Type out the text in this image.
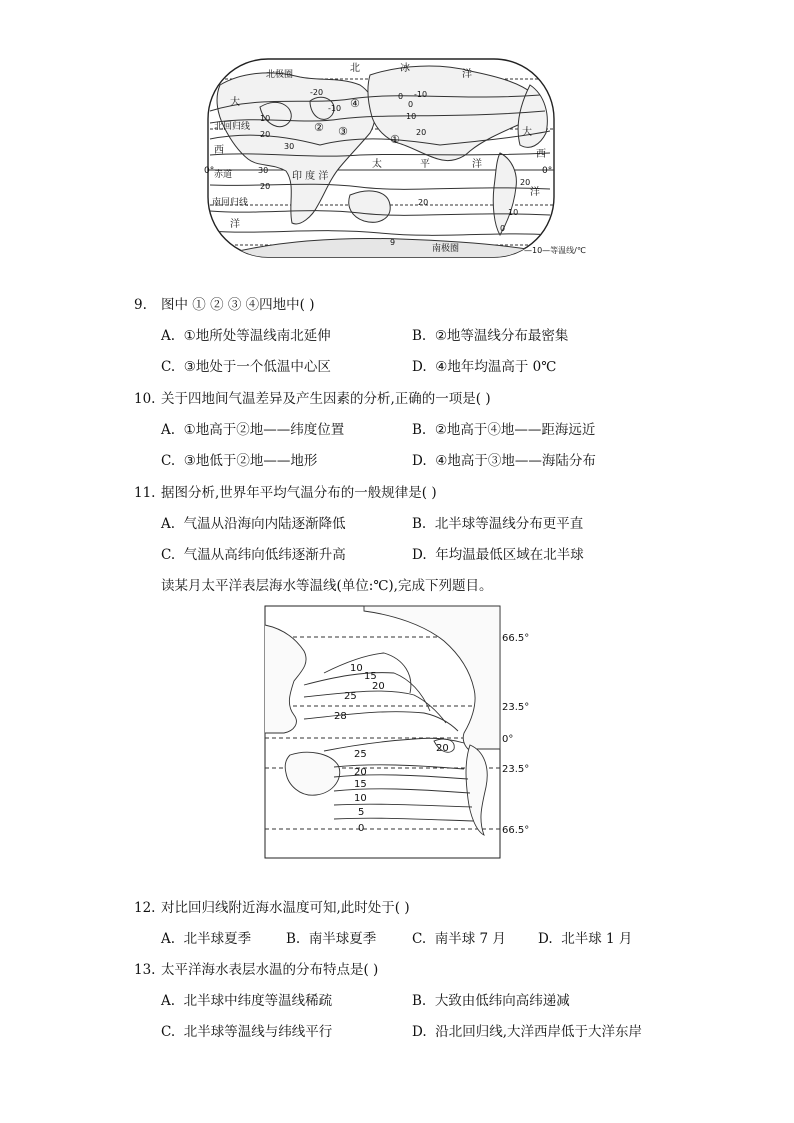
北	冰
洋
北极圈
大
北回归线
西
0° 赤道	印 度 洋
南回归线
洋
太	平	洋
大
西
0°
洋
南极圈
①
② ③
④
-20
-10
0
10
20
30
20
10
0
-10
20
20
30
20
10
0
9
—10—等温线/℃
9. 图中 ① ② ③ ④四地中( )
A. ①地所处等温线南北延伸	B. ②地等温线分布最密集
C. ③地处于一个低温中心区	D. ④地年均温高于 0℃
10. 关于四地间气温差异及产生因素的分析,正确的一项是( )
A. ①地高于②地——纬度位置	B. ②地高于④地——距海远近
C. ③地低于②地——地形	D. ④地高于③地——海陆分布
11. 据图分析,世界年平均气温分布的一般规律是( )
A. 气温从沿海向内陆逐渐降低	B. 北半球等温线分布更平直
C. 气温从高纬向低纬逐渐升高	D. 年均温最低区域在北半球
读某月太平洋表层海水等温线(单位:℃),完成下列题目。
66.5°
23.5°
0°
23.5°
66.5°
10
15
20
25
28
25
20
20
15
10
5
0
12. 对比回归线附近海水温度可知,此时处于( )
A. 北半球夏季	B. 南半球夏季	C. 南半球 7 月 D. 北半球 1 月
13. 太平洋海水表层水温的分布特点是( )
A. 北半球中纬度等温线稀疏	B. 大致由低纬向高纬递减
C. 北半球等温线与纬线平行	D. 沿北回归线,大洋西岸低于大洋东岸
